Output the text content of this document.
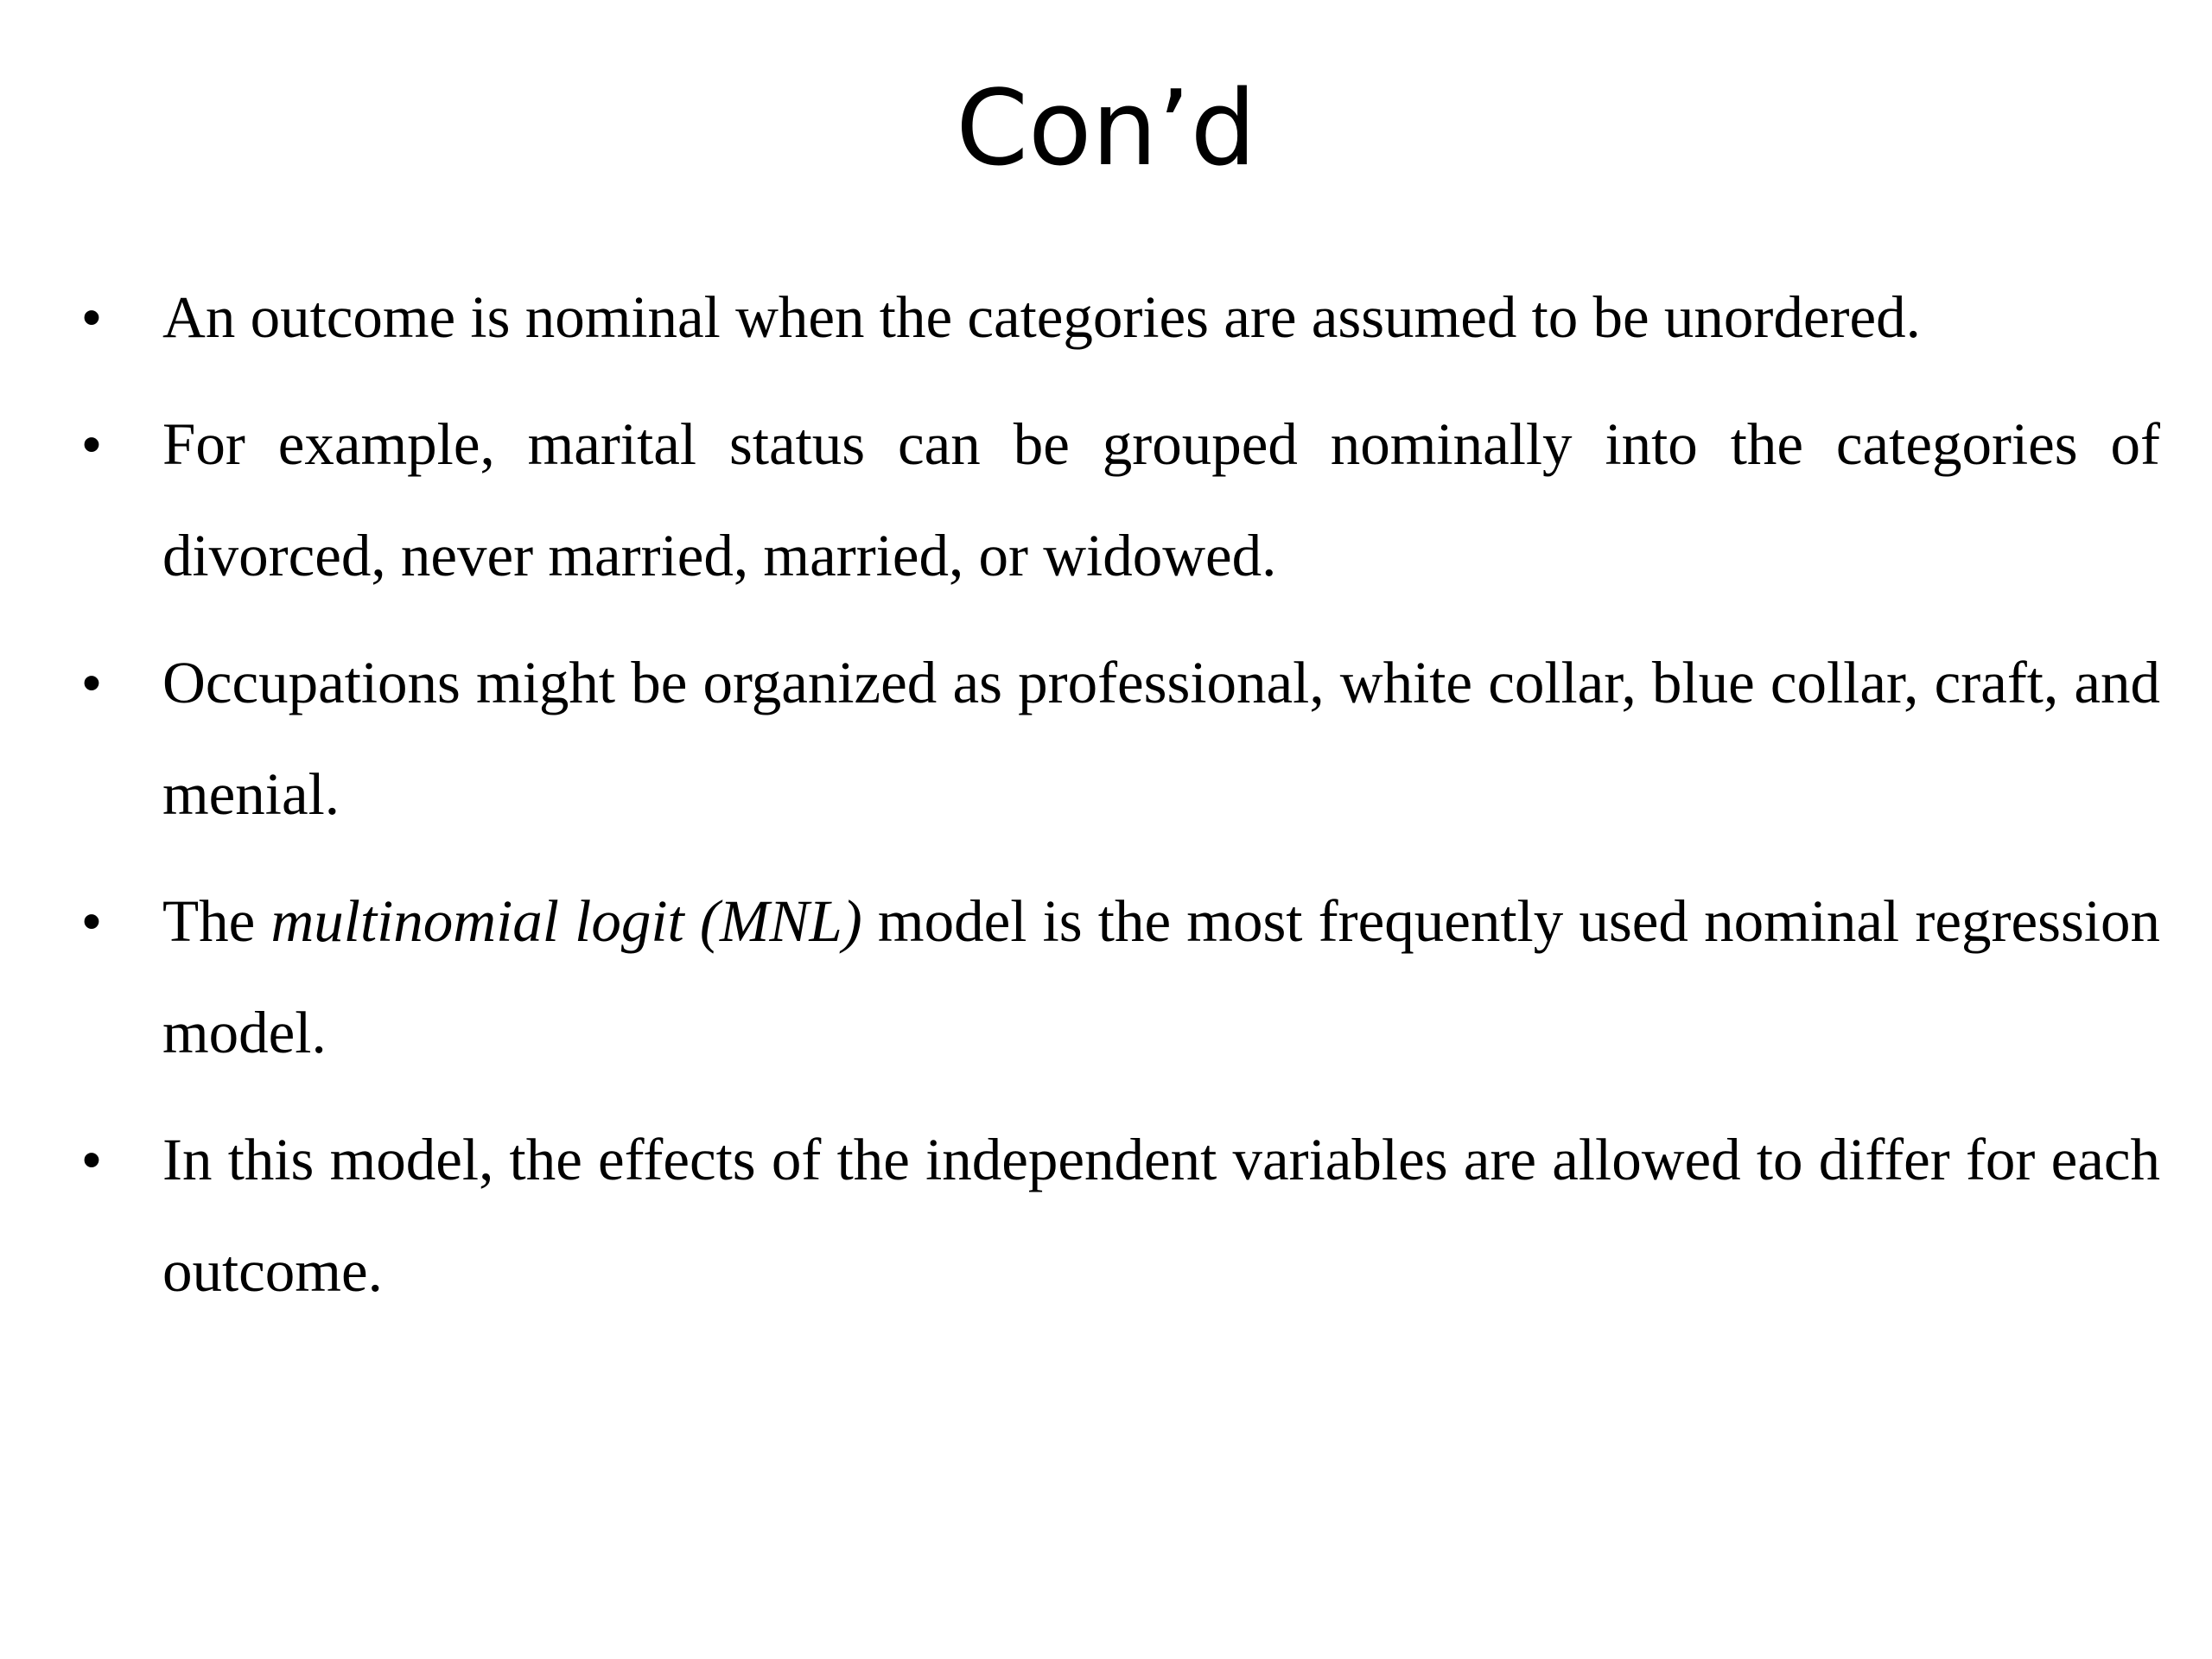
Con’d
• An outcome is nominal when the categories are assumed to be unordered.
• For example, marital status can be grouped nominally into the categories of divorced, never married, married, or widowed.
• Occupations might be organized as professional, white collar, blue collar, craft, and menial.
• The multinomial logit (MNL) model is the most frequently used nominal regression model.
• In this model, the effects of the independent variables are allowed to differ for each outcome.
